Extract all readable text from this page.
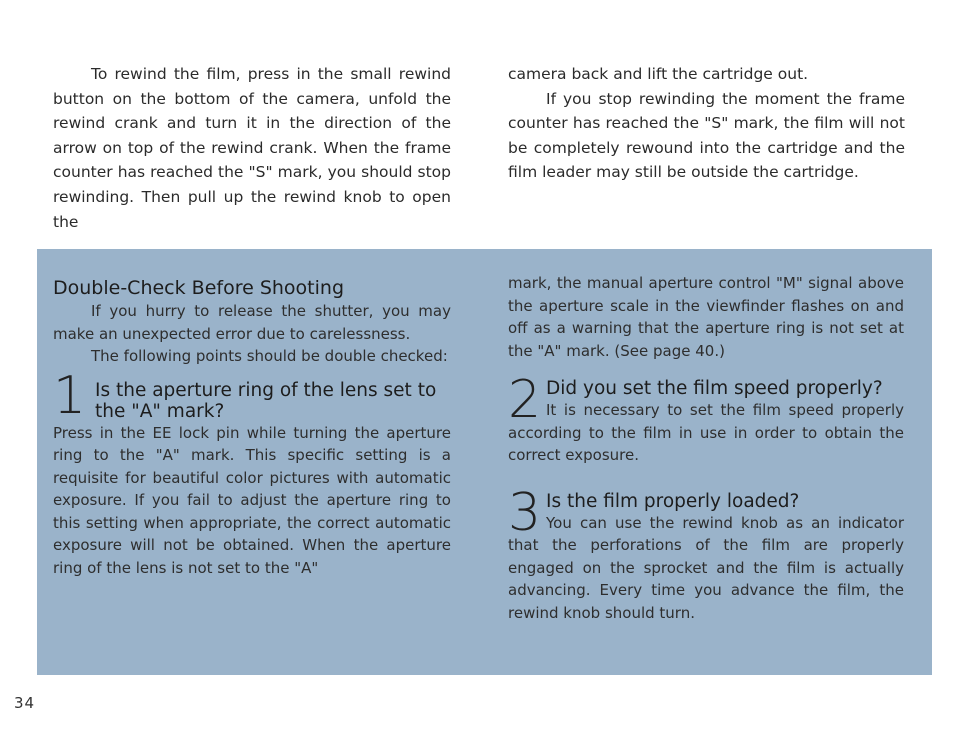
To rewind the film, press in the small rewind button on the bottom of the camera, unfold the rewind crank and turn it in the direction of the arrow on top of the rewind crank. When the frame counter has reached the "S" mark, you should stop rewinding. Then pull up the rewind knob to open the

camera back and lift the cartridge out.

If you stop rewinding the moment the frame counter has reached the "S" mark, the film will not be completely rewound into the cartridge and the film leader may still be outside the cartridge.

Double-Check Before Shooting

If you hurry to release the shutter, you may make an unexpected error due to carelessness.

The following points should be double checked:

1 Is the aperture ring of the lens set to the "A" mark?

Press in the EE lock pin while turning the aperture ring to the "A" mark. This specific setting is a requisite for beautiful color pictures with automatic exposure. If you fail to adjust the aperture ring to this setting when appropriate, the correct automatic exposure will not be obtained. When the aperture ring of the lens is not set to the "A"

mark, the manual aperture control "M" signal above the aperture scale in the viewfinder flashes on and off as a warning that the aperture ring is not set at the "A" mark. (See page 40.)

2 Did you set the film speed properly?

It is necessary to set the film speed properly according to the film in use in order to obtain the correct exposure.

3 Is the film properly loaded?

You can use the rewind knob as an indicator that the perforations of the film are properly engaged on the sprocket and the film is actually advancing. Every time you advance the film, the rewind knob should turn.

34
